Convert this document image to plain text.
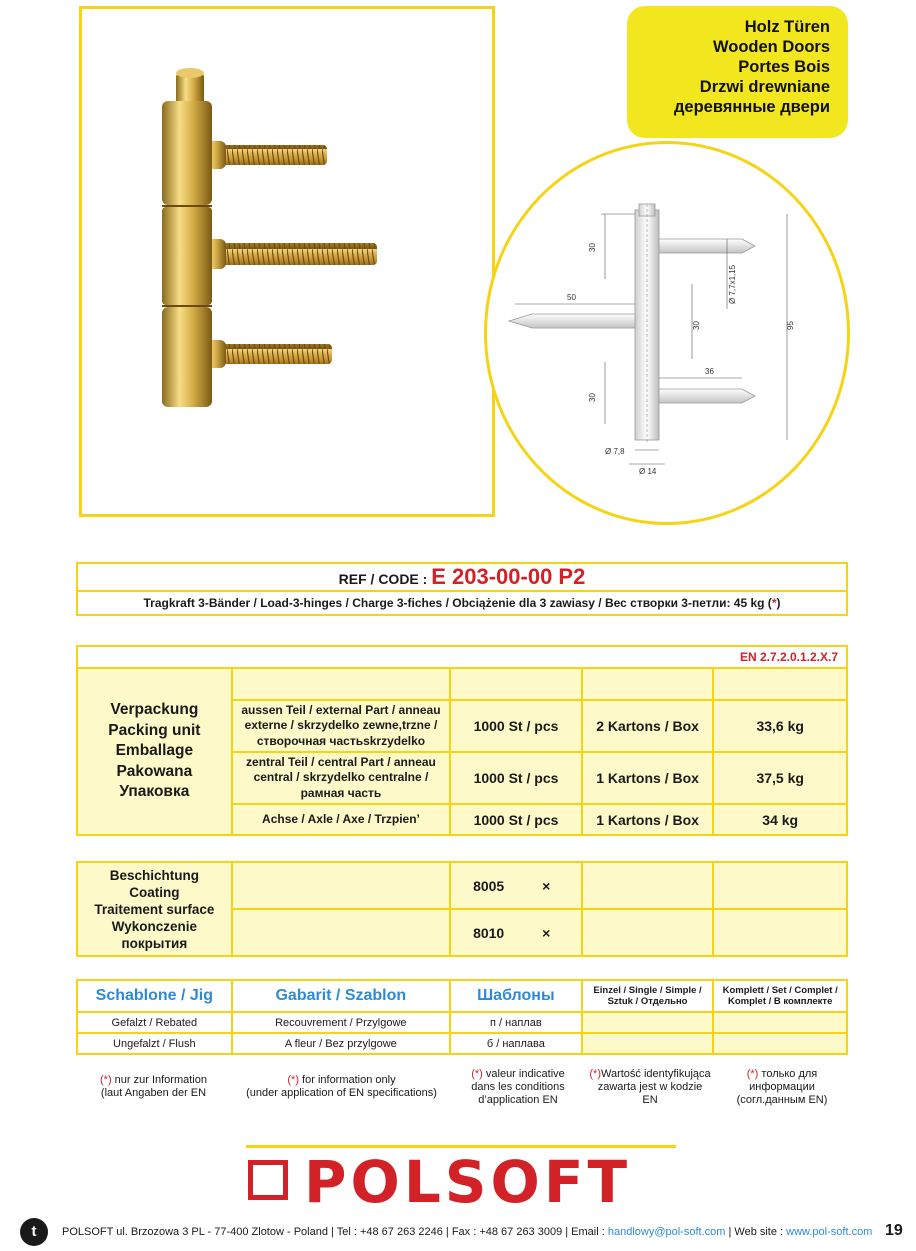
Holz Türen
Wooden Doors
Portes Bois
Drzwi drewniane
деревянные двери
30
50
30	95
Ø 7,7x1,15
36
30
Ø 7,8
Ø 14
REF / CODE : E 203-00-00 P2
Tragkraft 3-Bänder / Load-3-hinges / Charge 3-fiches / Obciążenie dla 3 zawiasy / Вес створки 3-петли: 45 kg (*)
EN 2.7.2.0.1.2.X.7				

Verpackung
Packing unit
Emballage
Pakowana
Упаковка				

	aussen Teil / external Part / anneau externe / skrzydelko zewne,trzne / створочная частьskrzydelko	1000 St / pcs	2 Kartons / Box	33,6 kg
	zentral Teil / central Part / anneau central / skrzydelko centralne / рамная часть	1000 St / pcs	1 Kartons / Box	37,5 kg
	Achse / Axle / Axe / Trzpien’	1000 St / pcs	1 Kartons / Box	34 kg
Beschichtung
Coating
Traitement surface
Wykonczenie
покрытия		8005 ×		
		8010 ×		
Schablone / Jig	Gabarit / Szablon	Шаблоны	Einzel / Single / Simple / Sztuk / Отдельно	Komplett / Set / Complet / Komplet / В комплекте
Gefalzt / Rebated	Recouvrement / Przylgowe	п / наплав		
Ungefalzt / Flush	A fleur / Bez przylgowe	б / наплава		
(*) nur zur Information
(laut Angaben der EN
(*) for information only
(under application of EN specifications)
(*) valeur indicative
dans les conditions
d’application EN
(*)Wartość identyfikująca
zawarta jest w kodzie
EN
(*) только для
информации
(согл.данным EN)
POLSOFT
t	POLSOFT ul. Brzozowa 3 PL - 77-400 Zlotow - Poland | Tel : +48 67 263 2246 | Fax : +48 67 263 3009 | Email : handlowy@pol-soft.com | Web site : www.pol-soft.com 19
